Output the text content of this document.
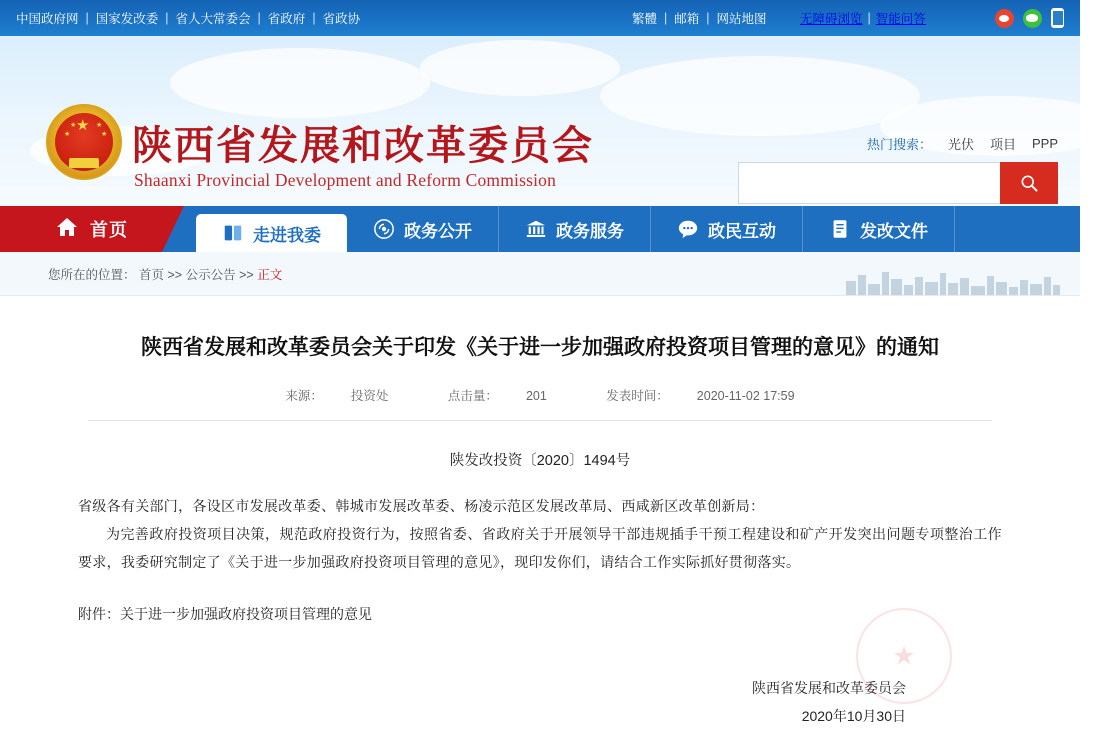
中国政府网 | 国家发改委 | 省人大常委会 | 省政府 | 省政协	繁體 | 邮箱 | 网站地图	无障碍浏览 | 智能问答
★
★
★
★ 陕西省发展和改革委员会
Shaanxi Provincial Development and Reform Commission
热门搜索： 光伏 项目 PPP
首页	走进我委	政务公开	政务服务	政民互动	发改文件
您所在的位置： 首页 >> 公示公告 >> 正文
陕西省发展和改革委员会关于印发《关于进一步加强政府投资项目管理的意见》的通知
来源： 投资处	点击量： 201	发表时间： 2020-11-02 17:59
陕发改投资〔2020〕1494号
省级各有关部门，各设区市发展改革委、韩城市发展改革委、杨凌示范区发展改革局、西咸新区改革创新局：
为完善政府投资项目决策，规范政府投资行为，按照省委、省政府关于开展领导干部违规插手干预工程建设和矿产开发突出问题专项整治工作要求，我委研究制定了《关于进一步加强政府投资项目管理的意见》，现印发你们，请结合工作实际抓好贯彻落实。
附件：关于进一步加强政府投资项目管理的意见
陕西省发展和改革委员会
2020年10月30日
★
